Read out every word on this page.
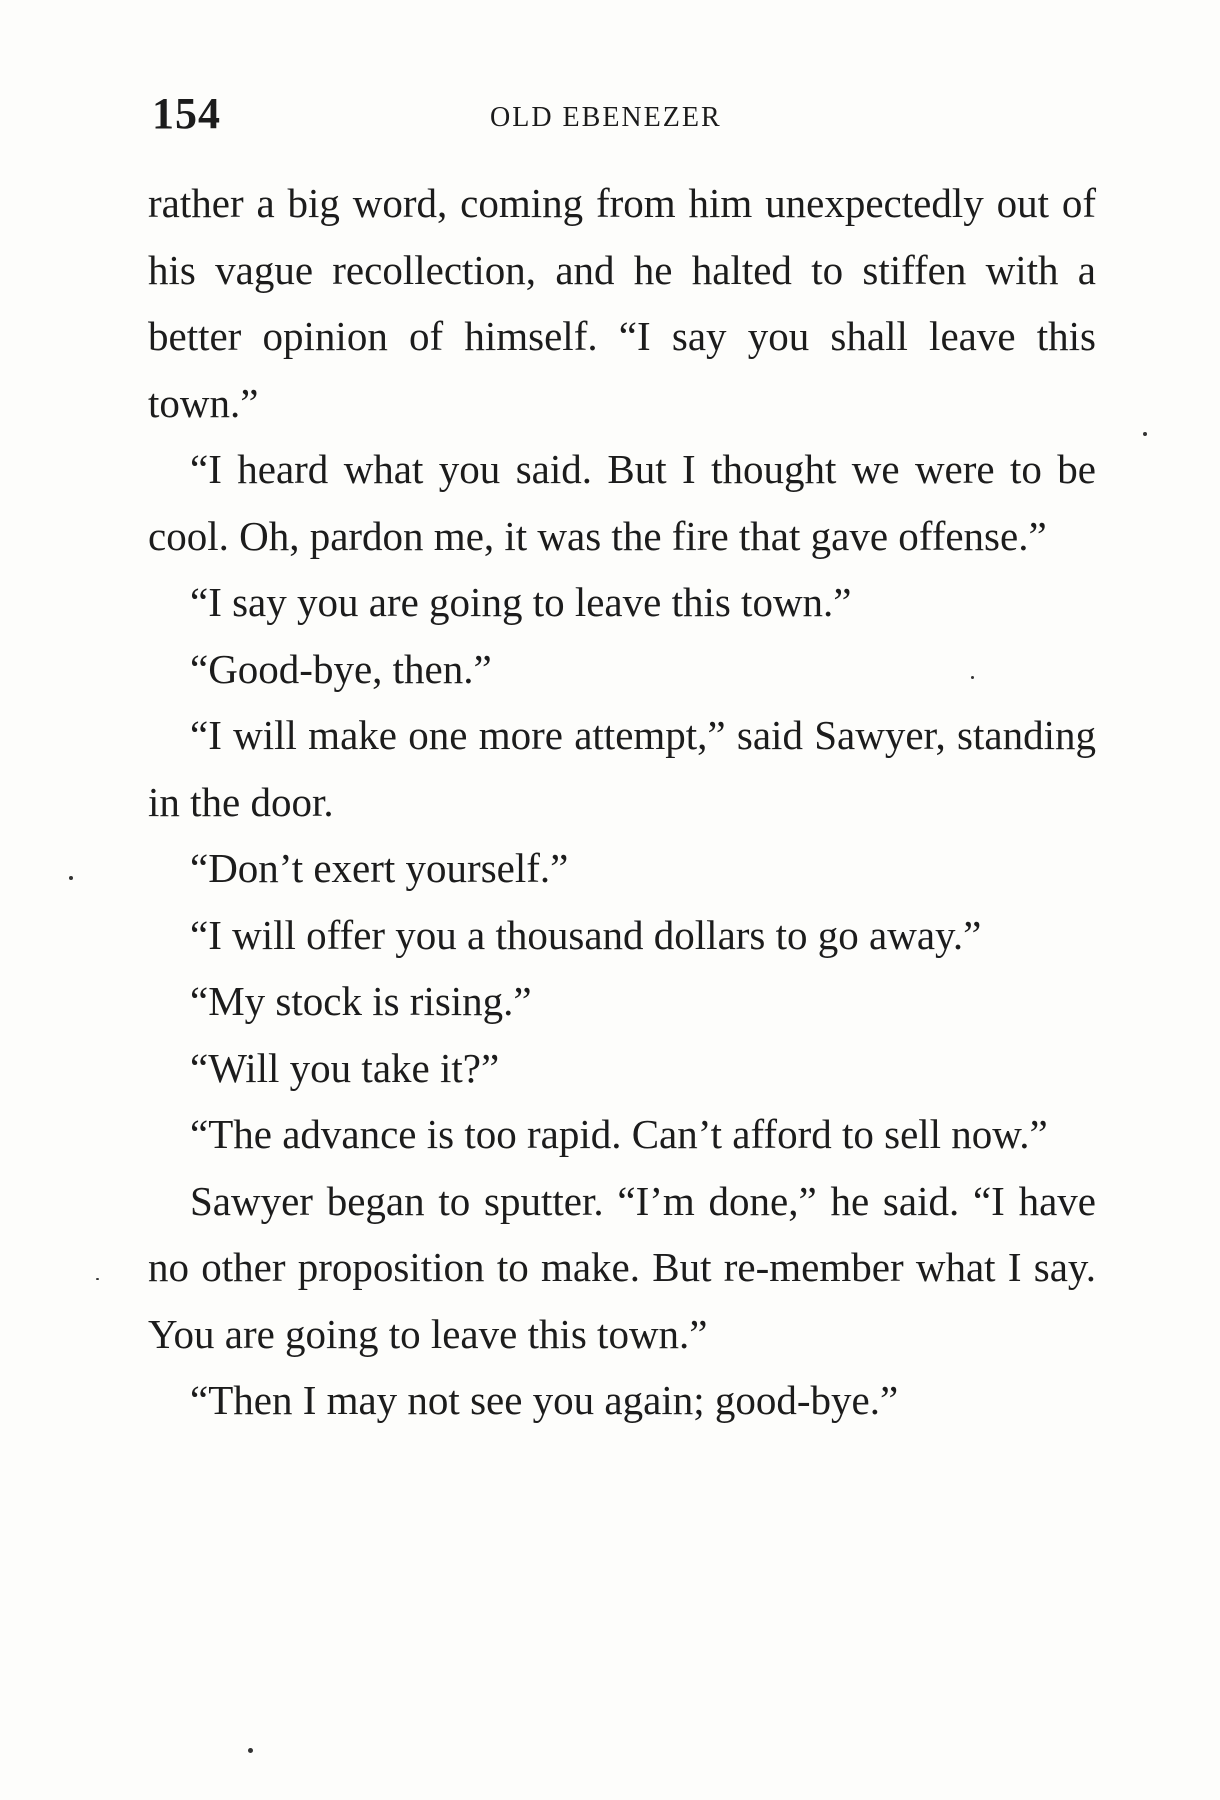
154	OLD EBENEZER

rather a big word, coming from him unexpectedly out of his vague recollection, and he halted to stiffen with a better opinion of himself. “I say you shall leave this town.”

“I heard what you said. But I thought we were to be cool. Oh, pardon me, it was the fire that gave offense.”

“I say you are going to leave this town.”

“Good-bye, then.”

“I will make one more attempt,” said Sawyer, standing in the door.

“Don’t exert yourself.”

“I will offer you a thousand dollars to go away.”

“My stock is rising.”

“Will you take it?”

“The advance is too rapid. Can’t afford to sell now.”

Sawyer began to sputter. “I’m done,” he said. “I have no other proposition to make. But re-member what I say. You are going to leave this town.”

“Then I may not see you again; good-bye.”
